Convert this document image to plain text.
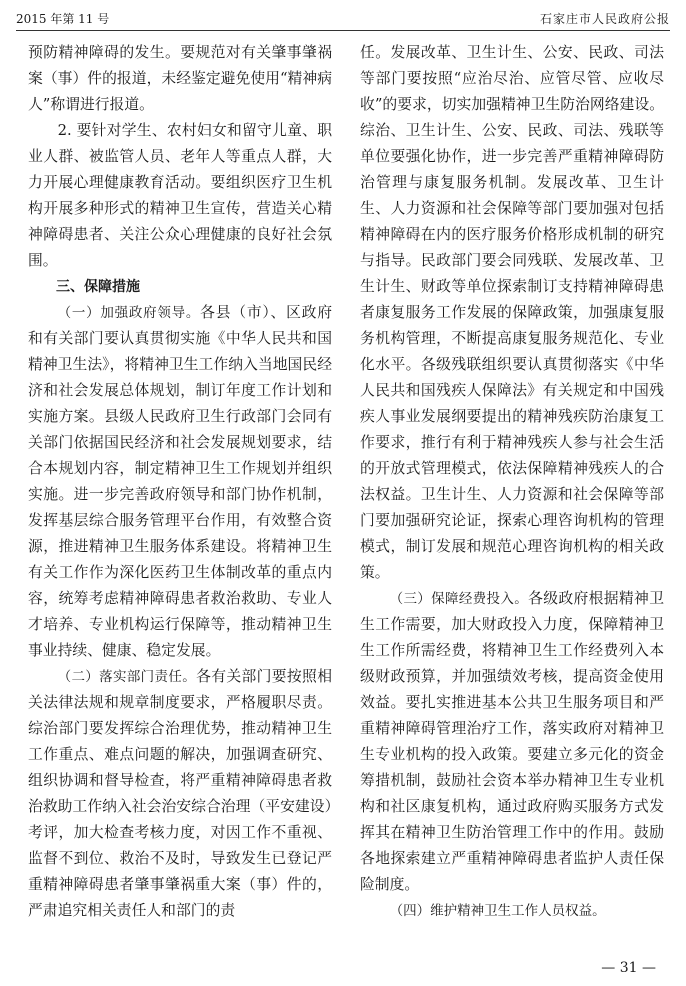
2015 年第 11 号	石家庄市人民政府公报

预防精神障碍的发生。要规范对有关肇事肇祸案（事）件的报道，未经鉴定避免使用“精神病人”称谓进行报道。

2. 要针对学生、农村妇女和留守儿童、职业人群、被监管人员、老年人等重点人群，大力开展心理健康教育活动。要组织医疗卫生机构开展多种形式的精神卫生宣传，营造关心精神障碍患者、关注公众心理健康的良好社会氛围。

三、保障措施

（一）加强政府领导。各县（市）、区政府和有关部门要认真贯彻实施《中华人民共和国精神卫生法》，将精神卫生工作纳入当地国民经济和社会发展总体规划，制订年度工作计划和实施方案。县级人民政府卫生行政部门会同有关部门依据国民经济和社会发展规划要求，结合本规划内容，制定精神卫生工作规划并组织实施。进一步完善政府领导和部门协作机制，发挥基层综合服务管理平台作用，有效整合资源，推进精神卫生服务体系建设。将精神卫生有关工作作为深化医药卫生体制改革的重点内容，统筹考虑精神障碍患者救治救助、专业人才培养、专业机构运行保障等，推动精神卫生事业持续、健康、稳定发展。

（二）落实部门责任。各有关部门要按照相关法律法规和规章制度要求，严格履职尽责。综治部门要发挥综合治理优势，推动精神卫生工作重点、难点问题的解决，加强调查研究、组织协调和督导检查，将严重精神障碍患者救治救助工作纳入社会治安综合治理（平安建设）考评，加大检查考核力度，对因工作不重视、监督不到位、救治不及时，导致发生已登记严重精神障碍患者肇事肇祸重大案（事）件的，严肃追究相关责任人和部门的责

任。发展改革、卫生计生、公安、民政、司法等部门要按照“应治尽治、应管尽管、应收尽收”的要求，切实加强精神卫生防治网络建设。综治、卫生计生、公安、民政、司法、残联等单位要强化协作，进一步完善严重精神障碍防治管理与康复服务机制。发展改革、卫生计生、人力资源和社会保障等部门要加强对包括精神障碍在内的医疗服务价格形成机制的研究与指导。民政部门要会同残联、发展改革、卫生计生、财政等单位探索制订支持精神障碍患者康复服务工作发展的保障政策，加强康复服务机构管理，不断提高康复服务规范化、专业化水平。各级残联组织要认真贯彻落实《中华人民共和国残疾人保障法》有关规定和中国残疾人事业发展纲要提出的精神残疾防治康复工作要求，推行有利于精神残疾人参与社会生活的开放式管理模式，依法保障精神残疾人的合法权益。卫生计生、人力资源和社会保障等部门要加强研究论证，探索心理咨询机构的管理模式，制订发展和规范心理咨询机构的相关政策。

（三）保障经费投入。各级政府根据精神卫生工作需要，加大财政投入力度，保障精神卫生工作所需经费，将精神卫生工作经费列入本级财政预算，并加强绩效考核，提高资金使用效益。要扎实推进基本公共卫生服务项目和严重精神障碍管理治疗工作，落实政府对精神卫生专业机构的投入政策。要建立多元化的资金筹措机制，鼓励社会资本举办精神卫生专业机构和社区康复机构，通过政府购买服务方式发挥其在精神卫生防治管理工作中的作用。鼓励各地探索建立严重精神障碍患者监护人责任保险制度。

（四）维护精神卫生工作人员权益。

— 31 —
